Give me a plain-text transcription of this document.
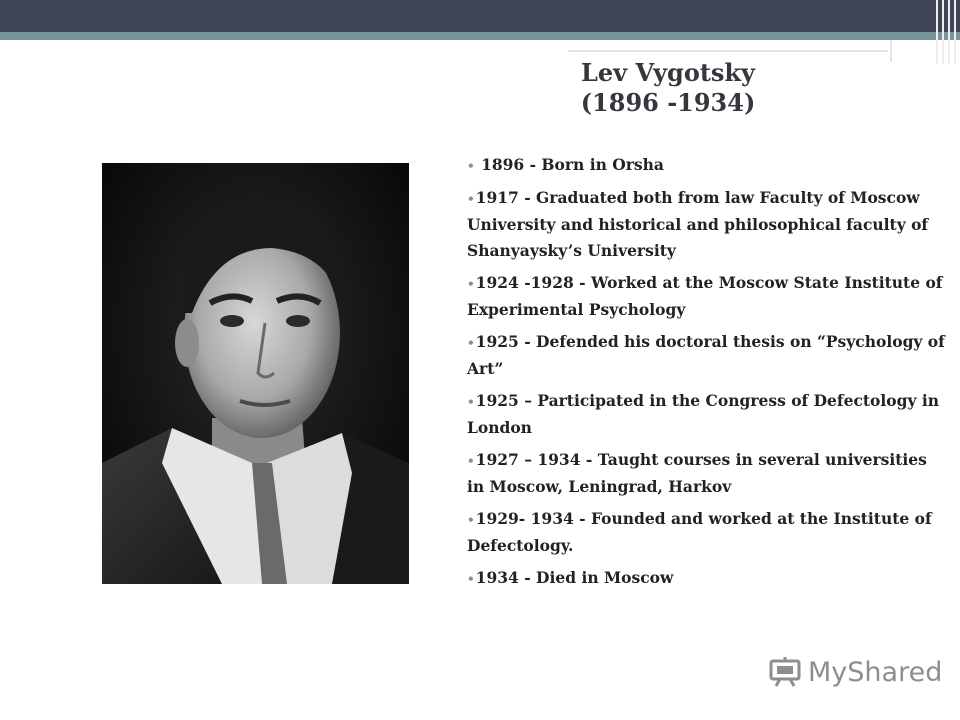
Lev Vygotsky
(1896 -1934)
• 1896 - Born in Orsha
•1917 - Graduated both from law Faculty of Moscow University and historical and philosophical faculty of Shanyaysky’s University
•1924 -1928 - Worked at the Moscow State Institute of Experimental Psychology
•1925 - Defended his doctoral thesis on “Psychology of Art”
•1925 – Participated in the Congress of Defectology in London
•1927 – 1934 - Taught courses in several universities in Moscow, Leningrad, Harkov
•1929- 1934 - Founded and worked at the Institute of Defectology.
•1934 - Died in Moscow
MyShared
